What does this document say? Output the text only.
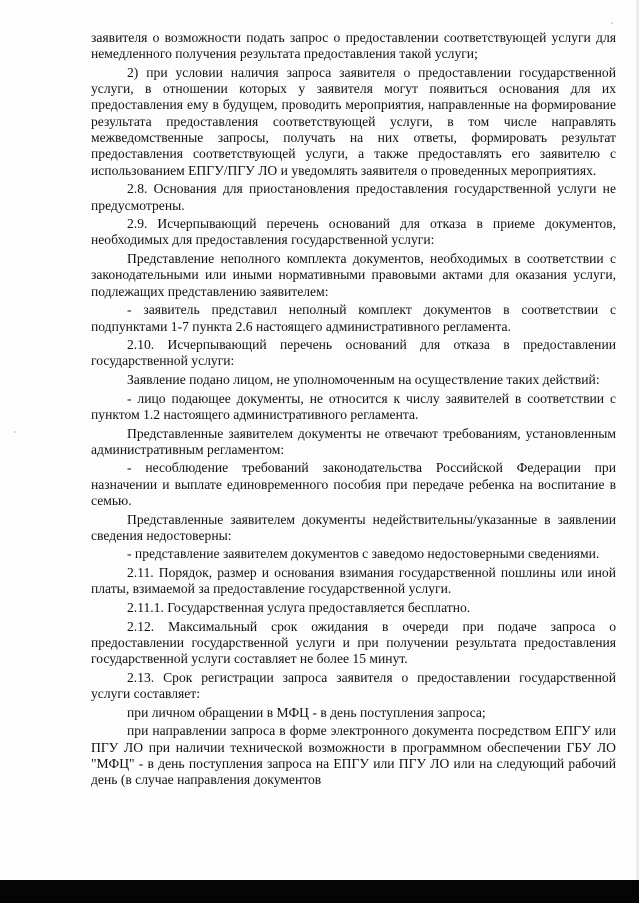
заявителя о возможности подать запрос о предоставлении соответствующей услуги для немедленного получения результата предоставления такой услуги;

2) при условии наличия запроса заявителя о предоставлении государственной услуги, в отношении которых у заявителя могут появиться основания для их предоставления ему в будущем, проводить мероприятия, направленные на формирование результата предоставления соответствующей услуги, в том числе направлять межведомственные запросы, получать на них ответы, формировать результат предоставления соответствующей услуги, а также предоставлять его заявителю с использованием ЕПГУ/ПГУ ЛО и уведомлять заявителя о проведенных мероприятиях.

2.8. Основания для приостановления предоставления государственной услуги не предусмотрены.

2.9. Исчерпывающий перечень оснований для отказа в приеме документов, необходимых для предоставления государственной услуги:

Представление неполного комплекта документов, необходимых в соответствии с законодательными или иными нормативными правовыми актами для оказания услуги, подлежащих представлению заявителем:

- заявитель представил неполный комплект документов в соответствии с подпунктами 1-7 пункта 2.6 настоящего административного регламента.

2.10. Исчерпывающий перечень оснований для отказа в предоставлении государственной услуги:

Заявление подано лицом, не уполномоченным на осуществление таких действий:

- лицо подающее документы, не относится к числу заявителей в соответствии с пунктом 1.2 настоящего административного регламента.

Представленные заявителем документы не отвечают требованиям, установленным административным регламентом:

- несоблюдение требований законодательства Российской Федерации при назначении и выплате единовременного пособия при передаче ребенка на воспитание в семью.

Представленные заявителем документы недействительны/указанные в заявлении сведения недостоверны:

- представление заявителем документов с заведомо недостоверными сведениями.

2.11. Порядок, размер и основания взимания государственной пошлины или иной платы, взимаемой за предоставление государственной услуги.

2.11.1. Государственная услуга предоставляется бесплатно.

2.12. Максимальный срок ожидания в очереди при подаче запроса о предоставлении государственной услуги и при получении результата предоставления государственной услуги составляет не более 15 минут.

2.13. Срок регистрации запроса заявителя о предоставлении государственной услуги составляет:

при личном обращении в МФЦ - в день поступления запроса;

при направлении запроса в форме электронного документа посредством ЕПГУ или ПГУ ЛО при наличии технической возможности в программном обеспечении ГБУ ЛО "МФЦ" - в день поступления запроса на ЕПГУ или ПГУ ЛО или на следующий рабочий день (в случае направления документов
